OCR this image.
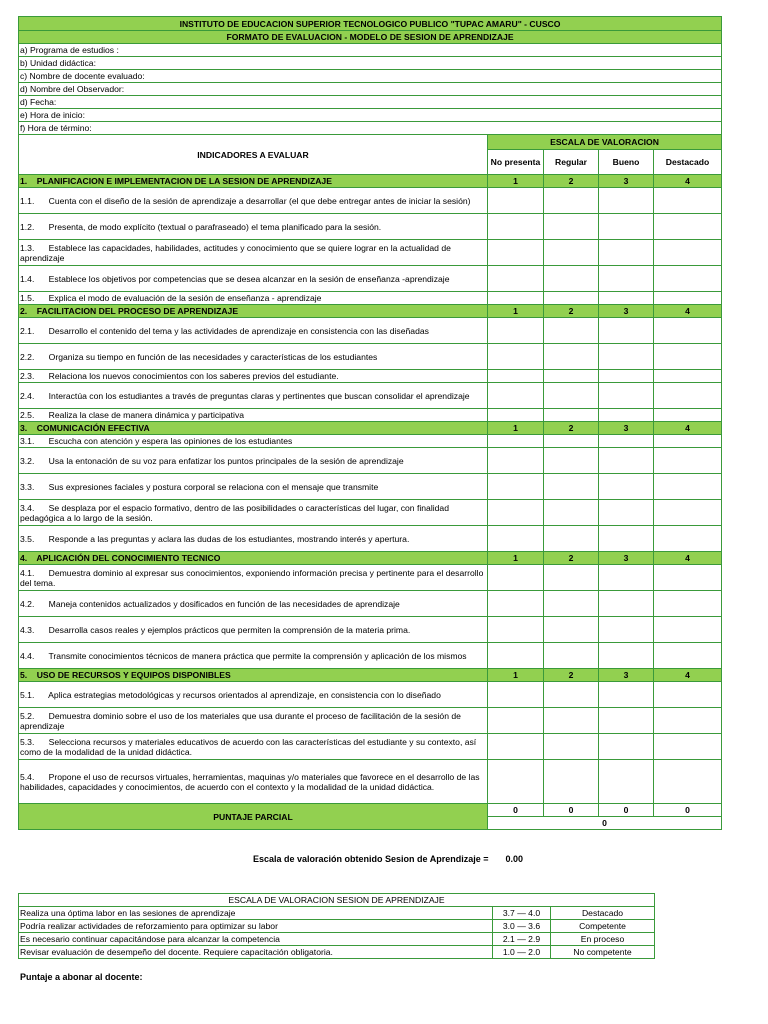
INSTITUTO DE EDUCACION SUPERIOR TECNOLOGICO PUBLICO "TUPAC AMARU" - CUSCO				
FORMATO DE EVALUACION - MODELO DE SESION DE APRENDIZAJE				
a) Programa de estudios :				
b) Unidad didáctica:				
c) Nombre de docente evaluado:				
d) Nombre del Observador:				
d) Fecha:				
e) Hora de inicio:				
f) Hora de término:				
INDICADORES A EVALUAR	ESCALA DE VALORACION			
	No presenta	Regular	Bueno	Destacado
1.    PLANIFICACION E IMPLEMENTACION DE LA SESION DE APRENDIZAJE	1	2	3	4
1.1.      Cuenta con el diseño de la sesión de aprendizaje a desarrollar (el que debe entregar antes de iniciar la sesión)				
1.2.      Presenta, de modo explícito (textual o parafraseado) el tema planificado para la sesión.				
1.3.      Establece las capacidades, habilidades, actitudes y conocimiento que se quiere lograr en la actualidad de aprendizaje				
1.4.      Establece los objetivos por competencias que se desea alcanzar en la sesión de enseñanza -aprendizaje				
1.5.      Explica el modo de evaluación de la sesión de enseñanza - aprendizaje				
2.    FACILITACION DEL PROCESO DE APRENDIZAJE	1	2	3	4
2.1.      Desarrollo el contenido del tema y las actividades de aprendizaje en consistencia con las diseñadas				
2.2.      Organiza su tiempo en función de las necesidades y características de los estudiantes				
2.3.      Relaciona los nuevos conocimientos con los saberes previos del estudiante.				
2.4.      Interactúa con los estudiantes a través de preguntas claras y pertinentes que buscan consolidar el aprendizaje				
2.5.      Realiza la clase de manera dinámica y participativa				
3.    COMUNICACIÓN EFECTIVA	1	2	3	4
3.1.      Escucha con atención y espera las opiniones de los estudiantes				
3.2.      Usa la entonación de su voz para enfatizar los puntos principales de la sesión de aprendizaje				
3.3.      Sus expresiones faciales y postura corporal se relaciona con el mensaje que transmite				
3.4.      Se desplaza por el espacio formativo, dentro de las posibilidades o características del lugar, con finalidad pedagógica a lo largo de la sesión.				
3.5.      Responde a las preguntas y aclara las dudas de los estudiantes, mostrando interés y apertura.				
4.    APLICACIÓN DEL CONOCIMIENTO TECNICO	1	2	3	4
4.1.      Demuestra dominio al expresar sus conocimientos, exponiendo información precisa y pertinente para el desarrollo del tema.				
4.2.      Maneja contenidos actualizados y dosificados en función de las necesidades de aprendizaje				
4.3.      Desarrolla casos reales y ejemplos prácticos que permiten la comprensión de la materia prima.				
4.4.      Transmite conocimientos técnicos de manera práctica que permite la comprensión y aplicación de los mismos				
5.    USO DE RECURSOS Y EQUIPOS DISPONIBLES	1	2	3	4
5.1.      Aplica estrategias metodológicas y recursos orientados al aprendizaje, en consistencia con lo diseñado				
5.2.      Demuestra dominio sobre el uso de los materiales que usa durante el proceso de facilitación de la sesión de aprendizaje				
5.3.      Selecciona recursos y materiales educativos de acuerdo con las características del estudiante y su contexto, así como de la modalidad de la unidad didáctica.				
5.4.      Propone el uso de recursos virtuales, herramientas, maquinas y/o materiales que favorece en el desarrollo de las habilidades, capacidades y conocimientos, de acuerdo con el contexto y la modalidad de la unidad didáctica.				
PUNTAJE PARCIAL	0	0	0	0
	0			
Escala de valoración obtenido Sesion de Aprendizaje = 0.00
ESCALA DE VALORACION SESION DE APRENDIZAJE		
Realiza una óptima labor en las sesiones de aprendizaje	3.7 — 4.0	Destacado
Podría realizar actividades de reforzamiento para optimizar su labor	3.0 — 3.6	Competente
Es necesario continuar capacitándose para alcanzar la competencia	2.1 — 2.9	En proceso
Revisar evaluación de desempeño del docente. Requiere capacitación obligatoria.	1.0 — 2.0	No competente
Puntaje a abonar al docente:
